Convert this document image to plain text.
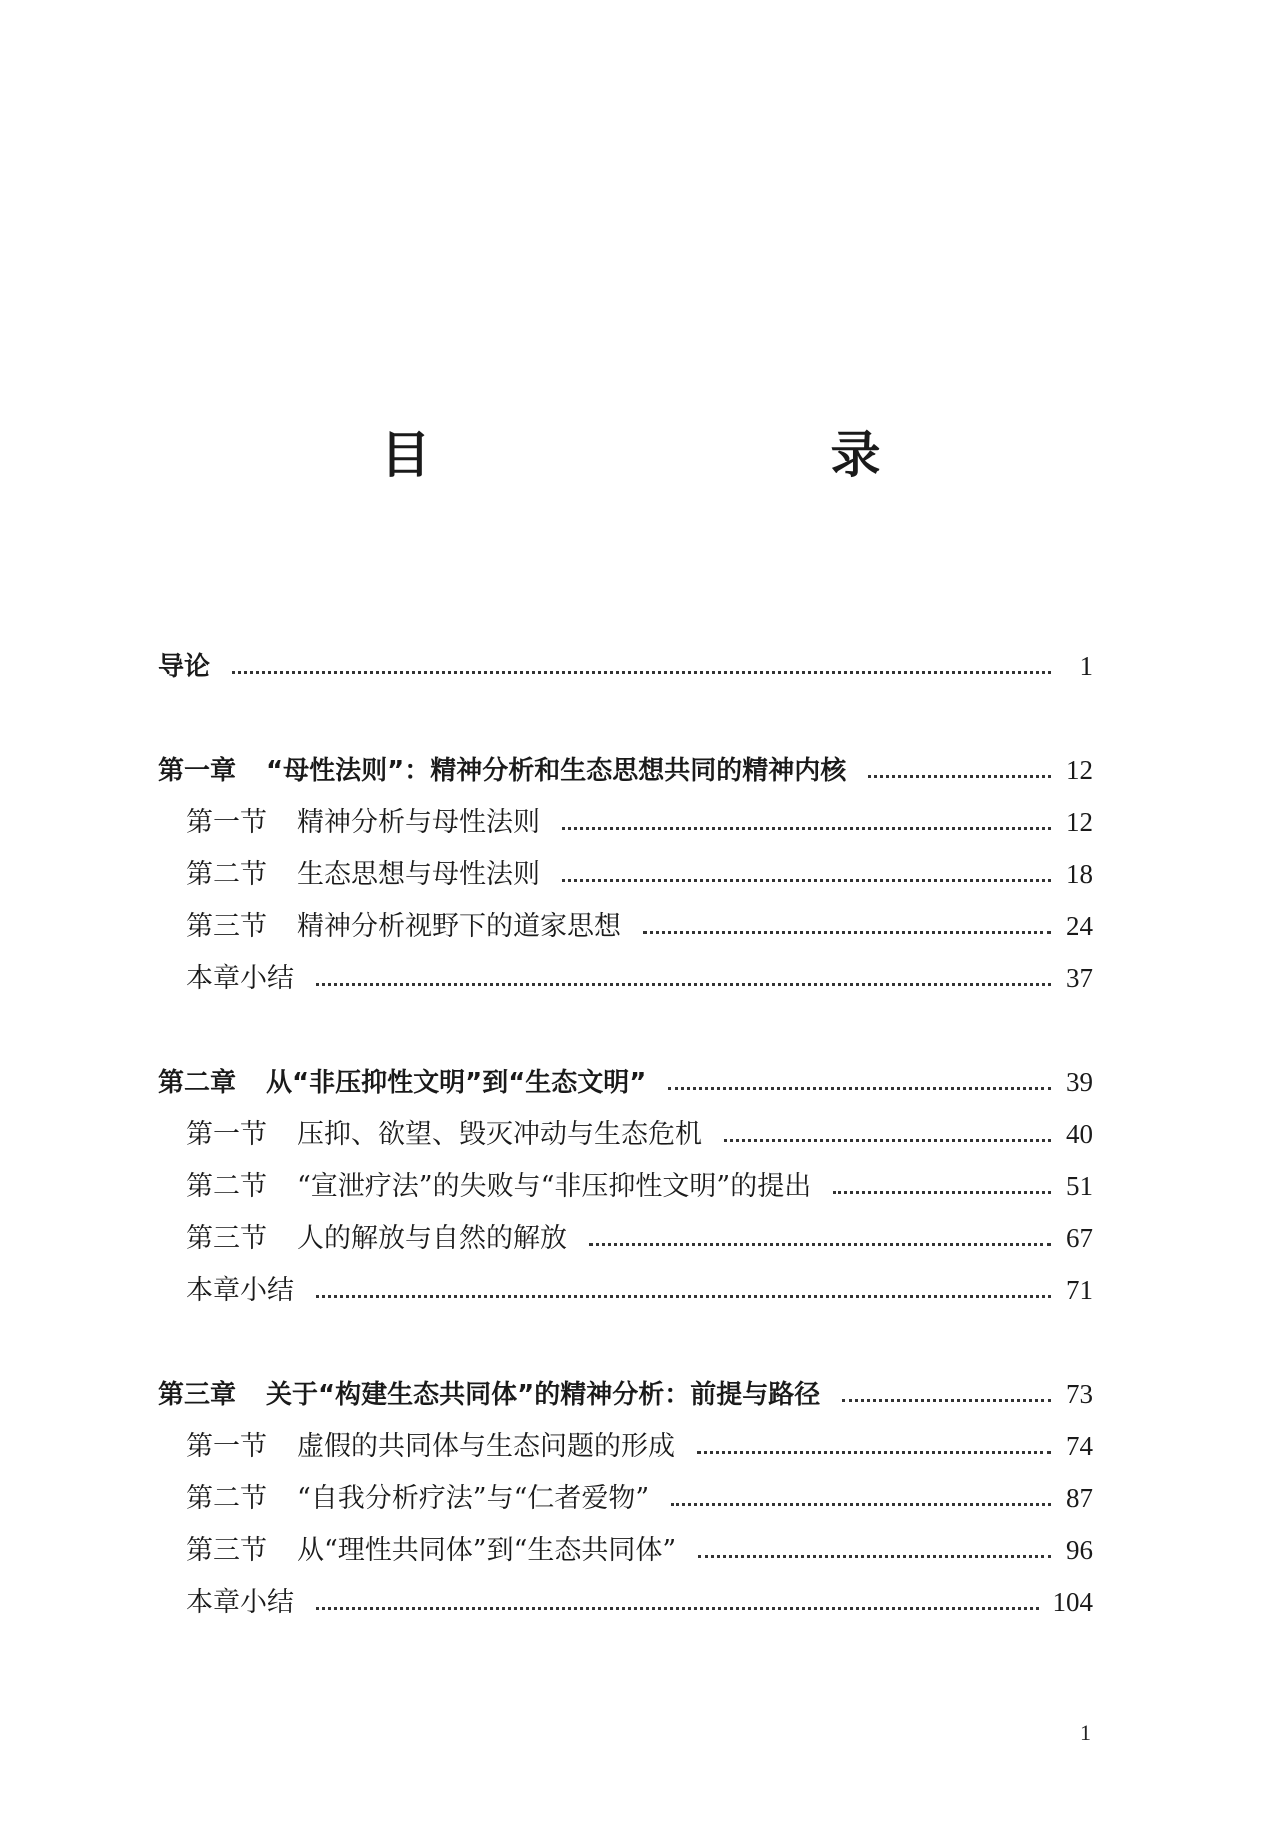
目　　录
导论	1
第一章 “母性法则”：精神分析和生态思想共同的精神内核	12
第一节 精神分析与母性法则	12
第二节 生态思想与母性法则	18
第三节 精神分析视野下的道家思想	24
本章小结	37
第二章 从“非压抑性文明”到“生态文明”	39
第一节 压抑、欲望、毁灭冲动与生态危机	40
第二节 “宣泄疗法”的失败与“非压抑性文明”的提出	51
第三节 人的解放与自然的解放	67
本章小结	71
第三章 关于“构建生态共同体”的精神分析：前提与路径	73
第一节 虚假的共同体与生态问题的形成	74
第二节 “自我分析疗法”与“仁者爱物”	87
第三节 从“理性共同体”到“生态共同体”	96
本章小结	104
1
